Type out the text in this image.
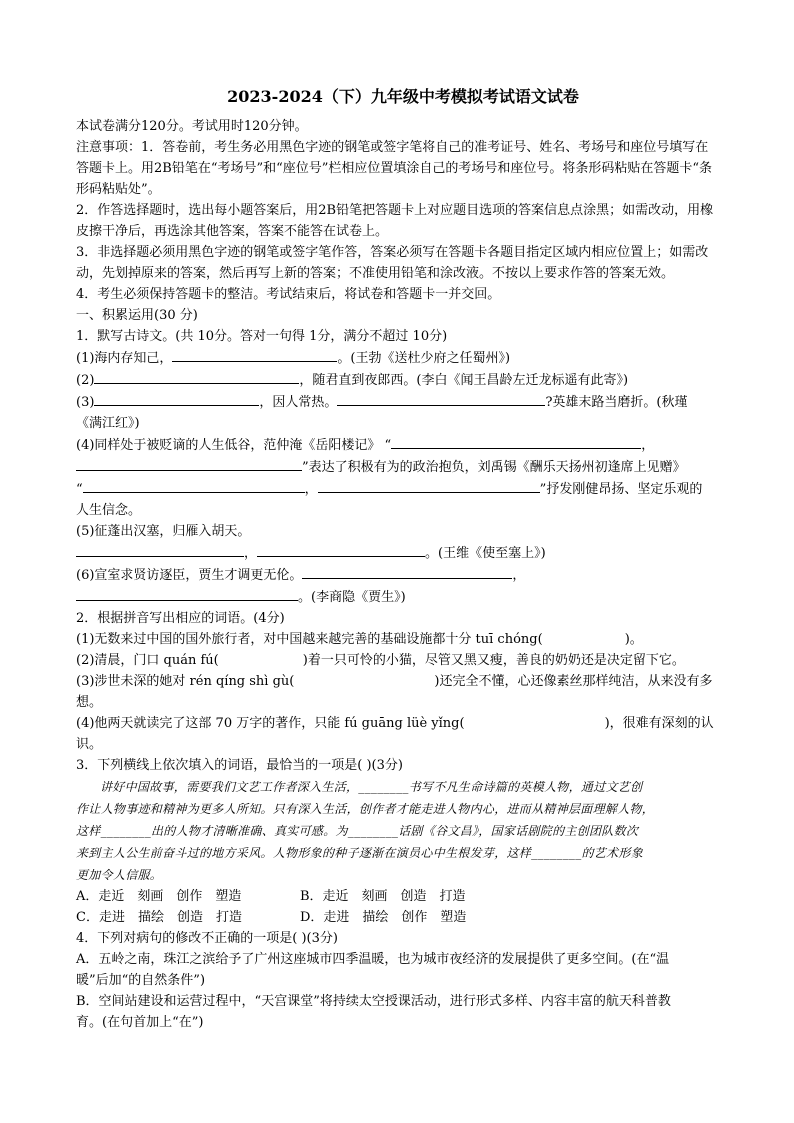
2023-2024（下）九年级中考模拟考试语文试卷

本试卷满分120分。考试用时120分钟。

注意事项：1．答卷前，考生务必用黑色字迹的钢笔或签字笔将自己的准考证号、姓名、考场号和座位号填写在答题卡上。用2B铅笔在“考场号”和“座位号”栏相应位置填涂自己的考场号和座位号。将条形码粘贴在答题卡“条形码粘贴处”。

2．作答选择题时，选出每小题答案后，用2B铅笔把答题卡上对应题目选项的答案信息点涂黑；如需改动，用橡皮擦干净后，再选涂其他答案，答案不能答在试卷上。

3．非选择题必须用黑色字迹的钢笔或签字笔作答，答案必须写在答题卡各题目指定区域内相应位置上；如需改动，先划掉原来的答案，然后再写上新的答案；不准使用铅笔和涂改液。不按以上要求作答的答案无效。

4．考生必须保持答题卡的整洁。考试结束后，将试卷和答题卡一并交回。

一、积累运用(30 分)

1．默写古诗文。(共 10分。答对一句得 1分，满分不超过 10分)

(1)海内存知己，	。(王勃《送杜少府之任蜀州》)

(2)	，随君直到夜郎西。(李白《闻王昌龄左迁龙标遥有此寄》)

(3)	，因人常热。	?英雄末路当磨折。(秋瑾

《满江红》)

(4)同样处于被贬谪的人生低谷，范仲淹《岳阳楼记》 “	，

”表达了积极有为的政治抱负，刘禹锡《酬乐天扬州初逢席上见赠》

“	，	”抒发刚健昂扬、坚定乐观的

人生信念。

(5)征蓬出汉塞，归雁入胡天。

，	。(王维《使至塞上》)

(6)宣室求贤访逐臣，贾生才调更无伦。	，

。(李商隐《贾生》)

2．根据拼音写出相应的词语。(4分)

(1)无数来过中国的国外旅行者，对中国越来越完善的基础设施都十分 tuī chóng(	)。

(2)清晨，门口 quán fú(	)着一只可怜的小猫，尽管又黑又瘦，善良的奶奶还是决定留下它。

(3)涉世未深的她对 rén qíng shì gù(	)还完全不懂，心还像素丝那样纯洁，从来没有多

想。

(4)他两天就读完了这部 70 万字的著作，只能 fú guāng lüè yǐng(	)，很难有深刻的认

识。

3．下列横线上依次填入的词语，最恰当的一项是( )(3分)

讲好中国故事，需要我们文艺工作者深入生活，________书写不凡生命诗篇的英模人物，通过文艺创

作让人物事迹和精神为更多人所知。只有深入生活，创作者才能走进人物内心，进而从精神层面理解人物，

这样________出的人物才清晰准确、真实可感。为________话剧《谷文昌》，国家话剧院的主创团队数次

来到主人公生前奋斗过的地方采风。人物形象的种子逐渐在演员心中生根发芽，这样________的艺术形象

更加令人信服。

A．走近　刻画　创作　塑造	B．走近　刻画　创造　打造
C．走进　描绘　创造　打造	D．走进　描绘　创作　塑造

4．下列对病句的修改不正确的一项是( )(3分)

A．五岭之南，珠江之滨给予了广州这座城市四季温暖，也为城市夜经济的发展提供了更多空间。(在“温

暖”后加“的自然条件”)

B．空间站建设和运营过程中，“天宫课堂”将持续太空授课活动，进行形式多样、内容丰富的航天科普教

育。(在句首加上“在”)
